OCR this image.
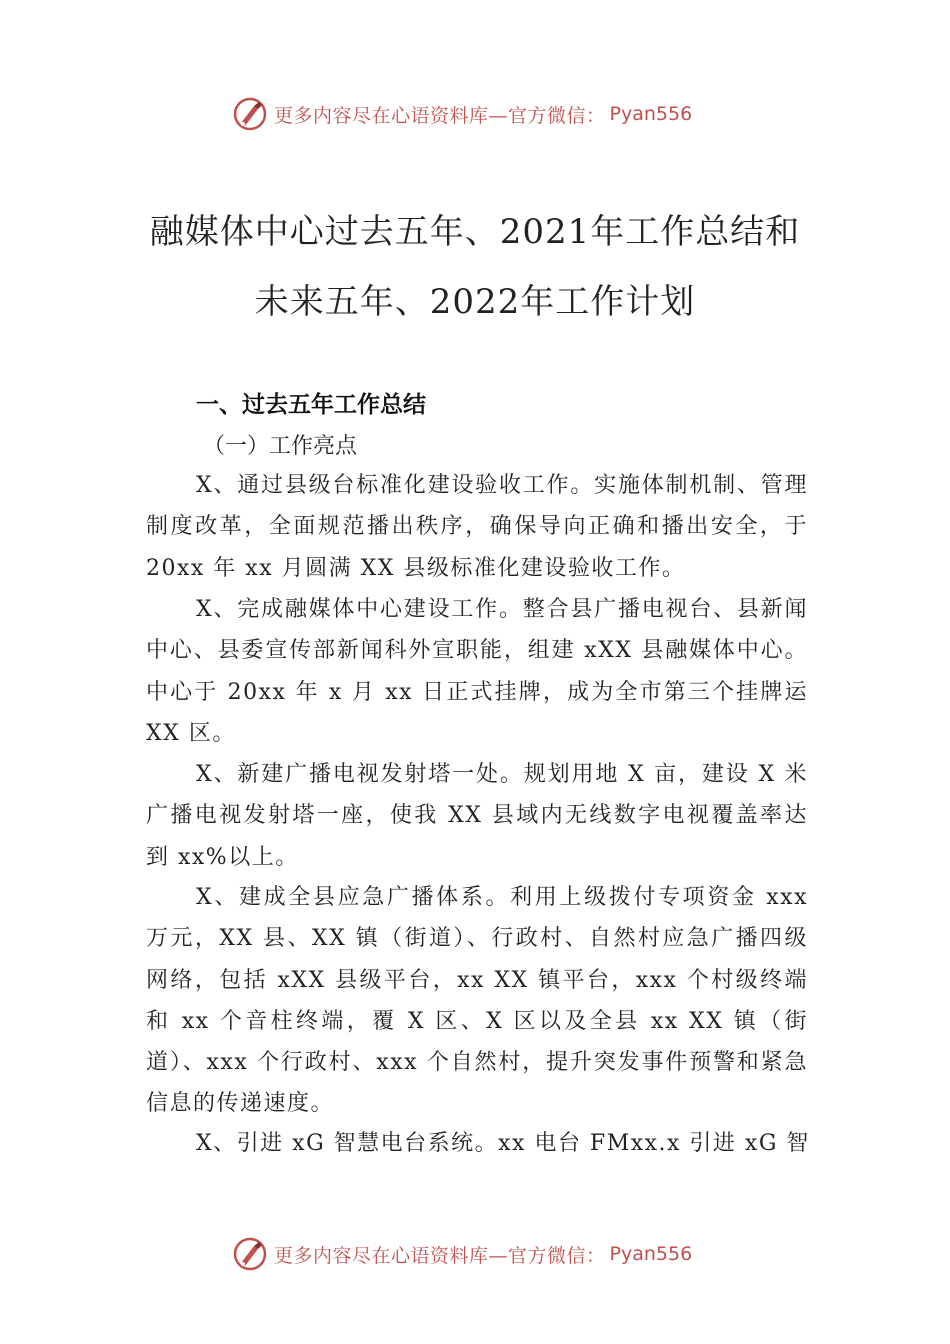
更多内容尽在心语资料库—官方微信： Pyan556
融媒体中心过去五年、2021年工作总结和
未来五年、2022年工作计划
一、过去五年工作总结
（一）工作亮点
X、通过县级台标准化建设验收工作。实施体制机制、管理制度改革，全面规范播出秩序，确保导向正确和播出安全，于 20xx 年 xx 月圆满 XX 县级标准化建设验收工作。
X、完成融媒体中心建设工作。整合县广播电视台、县新闻中心、县委宣传部新闻科外宣职能，组建 xXX 县融媒体中心。中心于 20xx 年 x 月 xx 日正式挂牌，成为全市第三个挂牌运 XX 区。
X、新建广播电视发射塔一处。规划用地 X 亩，建设 X 米广播电视发射塔一座，使我 XX 县域内无线数字电视覆盖率达到 xx%以上。
X、建成全县应急广播体系。利用上级拨付专项资金 xxx 万元，XX 县、XX 镇（街道）、行政村、自然村应急广播四级网络，包括 xXX 县级平台，xx XX 镇平台，xxx 个村级终端和 xx 个音柱终端，覆 X 区、X 区以及全县 xx XX 镇（街道）、xxx 个行政村、xxx 个自然村，提升突发事件预警和紧急信息的传递速度。
X、引进 xG 智慧电台系统。xx 电台 FMxx.x 引进 xG 智
更多内容尽在心语资料库—官方微信： Pyan556
